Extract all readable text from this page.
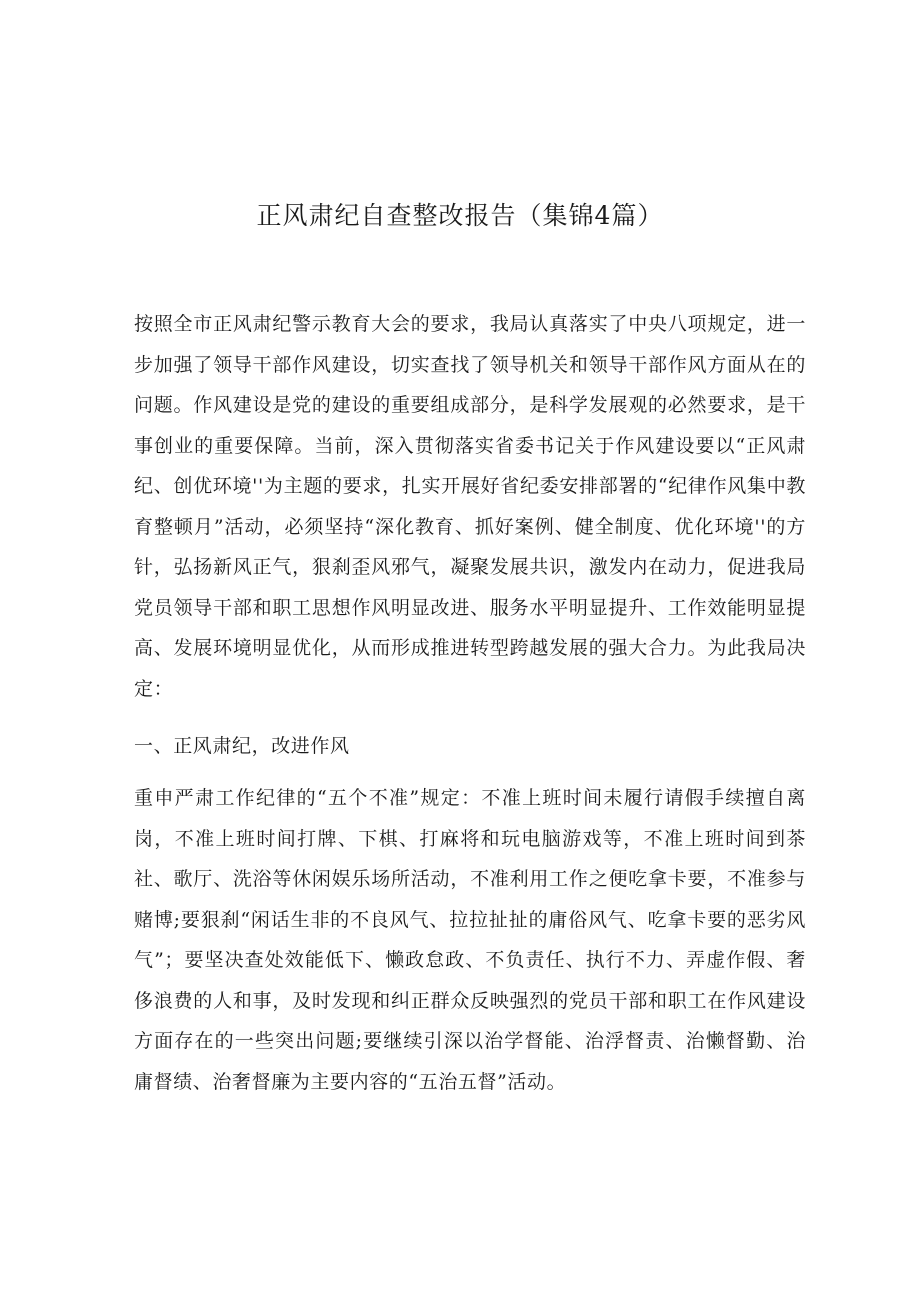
正风肃纪自查整改报告（集锦4篇）

按照全市正风肃纪警示教育大会的要求，我局认真落实了中央八项规定，进一步加强了领导干部作风建设，切实查找了领导机关和领导干部作风方面从在的问题。作风建设是党的建设的重要组成部分，是科学发展观的必然要求，是干事创业的重要保障。当前，深入贯彻落实省委书记关于作风建设要以“正风肃纪、创优环境''为主题的要求，扎实开展好省纪委安排部署的“纪律作风集中教育整顿月”活动，必须坚持“深化教育、抓好案例、健全制度、优化环境''的方针，弘扬新风正气，狠刹歪风邪气，凝聚发展共识，激发内在动力，促进我局党员领导干部和职工思想作风明显改进、服务水平明显提升、工作效能明显提高、发展环境明显优化，从而形成推进转型跨越发展的强大合力。为此我局决定：

一、正风肃纪，改进作风

重申严肃工作纪律的“五个不准”规定：不准上班时间未履行请假手续擅自离岗，不准上班时间打牌、下棋、打麻将和玩电脑游戏等，不准上班时间到茶社、歌厅、洗浴等休闲娱乐场所活动，不准利用工作之便吃拿卡要，不准参与赌博;要狠刹“闲话生非的不良风气、拉拉扯扯的庸俗风气、吃拿卡要的恶劣风气”；要坚决查处效能低下、懒政怠政、不负责任、执行不力、弄虚作假、奢侈浪费的人和事，及时发现和纠正群众反映强烈的党员干部和职工在作风建设方面存在的一些突出问题;要继续引深以治学督能、治浮督责、治懒督勤、治庸督绩、治奢督廉为主要内容的“五治五督”活动。
